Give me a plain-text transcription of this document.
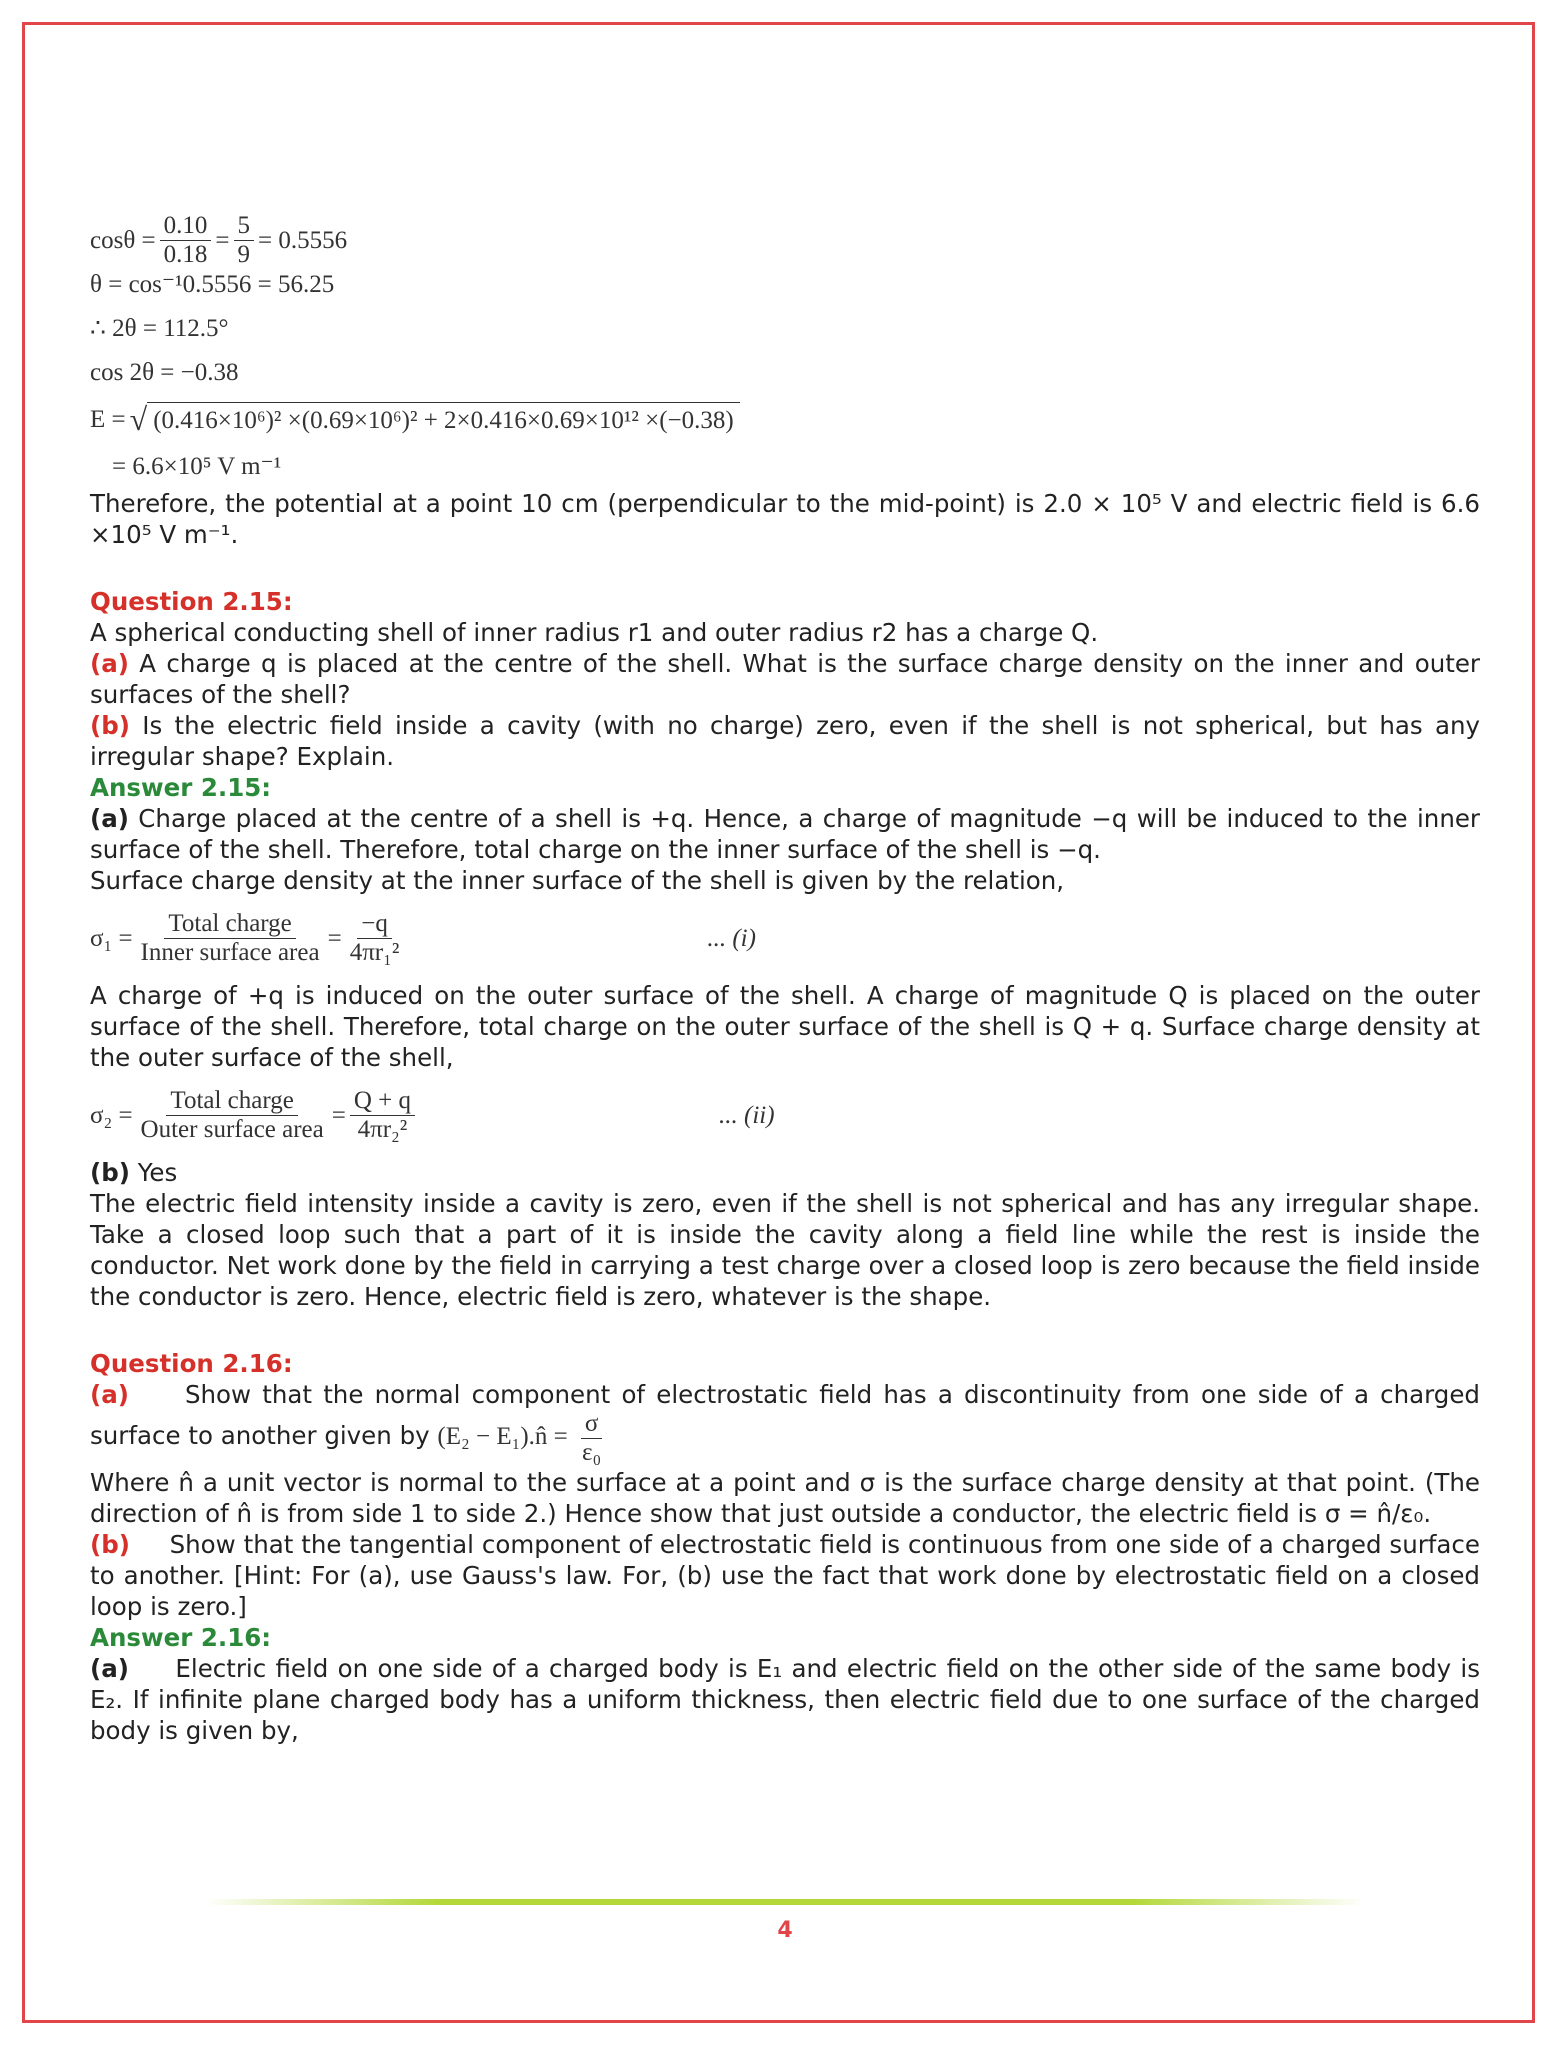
$\cos\theta = \frac{0.10}{0.18} = \frac{5}{9} = 0.5556$
θ = cos⁻¹0.5556 = 56.25
∴ 2θ = 112.5°
cos 2θ = −0.38
E = √ (0.416×10⁶)² ×(0.69×10⁶)² + 2×0.416×0.69×10¹² ×(−0.38)
= 6.6×10⁵ V m⁻¹
Therefore, the potential at a point 10 cm (perpendicular to the mid-point) is 2.0 × 10⁵ V and electric field is 6.6 ×10⁵ V m⁻¹.
Question 2.15:
A spherical conducting shell of inner radius r1 and outer radius r2 has a charge Q.
(a) A charge q is placed at the centre of the shell. What is the surface charge density on the inner and outer surfaces of the shell?
(b) Is the electric field inside a cavity (with no charge) zero, even if the shell is not spherical, but has any irregular shape? Explain.
Answer 2.15:
(a) Charge placed at the centre of a shell is +q. Hence, a charge of magnitude −q will be induced to the inner surface of the shell. Therefore, total charge on the inner surface of the shell is −q.
Surface charge density at the inner surface of the shell is given by the relation,
$\sigma_1 = \frac{\text{Total charge}}{\text{Inner surface area}} = \frac{-q}{\text{4πr₁²}}$	... (i)
A charge of +q is induced on the outer surface of the shell. A charge of magnitude Q is placed on the outer surface of the shell. Therefore, total charge on the outer surface of the shell is Q + q. Surface charge density at the outer surface of the shell,
$\sigma_2 = \frac{\text{Total charge}}{\text{Outer surface area}} = \frac{Q + q}{\text{4πr₂²}}$	... (ii)
(b) Yes
The electric field intensity inside a cavity is zero, even if the shell is not spherical and has any irregular shape. Take a closed loop such that a part of it is inside the cavity along a field line while the rest is inside the conductor. Net work done by the field in carrying a test charge over a closed loop is zero because the field inside the conductor is zero. Hence, electric field is zero, whatever is the shape.
Question 2.16:
(a) Show that the normal component of electrostatic field has a discontinuity from one side of a charged surface to another given by (E₂ − E₁).n̂ = $\frac{\sigma}{\text{ε₀}}$
Where n̂ a unit vector is normal to the surface at a point and σ is the surface charge density at that point. (The direction of n̂ is from side 1 to side 2.) Hence show that just outside a conductor, the electric field is σ = n̂/ε₀.
(b) Show that the tangential component of electrostatic field is continuous from one side of a charged surface to another. [Hint: For (a), use Gauss's law. For, (b) use the fact that work done by electrostatic field on a closed loop is zero.]
Answer 2.16:
(a) Electric field on one side of a charged body is E₁ and electric field on the other side of the same body is E₂. If infinite plane charged body has a uniform thickness, then electric field due to one surface of the charged body is given by,
4
